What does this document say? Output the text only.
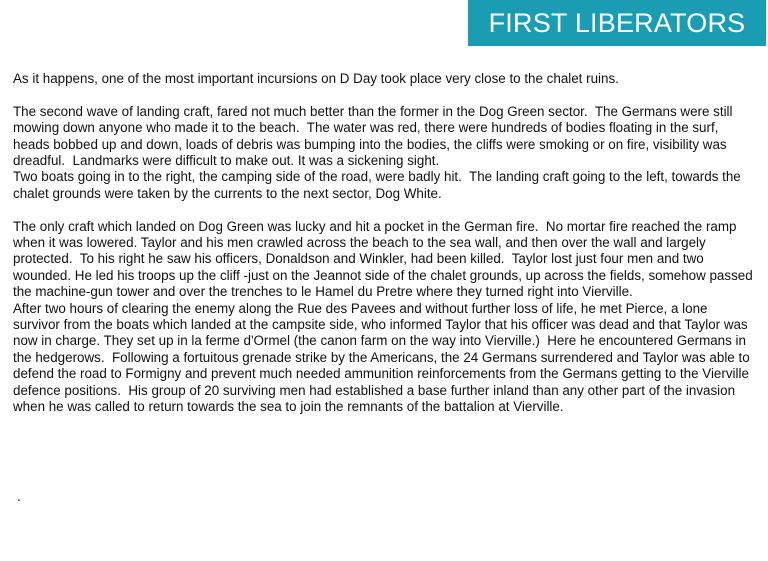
FIRST LIBERATORS

As it happens, one of the most important incursions on D Day took place very close to the chalet ruins.

The second wave of landing craft, fared not much better than the former in the Dog Green sector.  The Germans were still mowing down anyone who made it to the beach.  The water was red, there were hundreds of bodies floating in the surf, heads bobbed up and down, loads of debris was bumping into the bodies, the cliffs were smoking or on fire, visibility was dreadful.  Landmarks were difficult to make out. It was a sickening sight.

Two boats going in to the right, the camping side of the road, were badly hit.  The landing craft going to the left, towards the chalet grounds were taken by the currents to the next sector, Dog White.

The only craft which landed on Dog Green was lucky and hit a pocket in the German fire.  No mortar fire reached the ramp when it was lowered. Taylor and his men crawled across the beach to the sea wall, and then over the wall and largely protected.  To his right he saw his officers, Donaldson and Winkler, had been killed.  Taylor lost just four men and two wounded. He led his troops up the cliff -just on the Jeannot side of the chalet grounds, up across the fields, somehow passed the machine-gun tower and over the trenches to le Hamel du Pretre where they turned right into Vierville.

After two hours of clearing the enemy along the Rue des Pavees and without further loss of life, he met Pierce, a lone survivor from the boats which landed at the campsite side, who informed Taylor that his officer was dead and that Taylor was now in charge. They set up in la ferme d'Ormel (the canon farm on the way into Vierville.)  Here he encountered Germans in the hedgerows.  Following a fortuitous grenade strike by the Americans, the 24 Germans surrendered and Taylor was able to defend the road to Formigny and prevent much needed ammunition reinforcements from the Germans getting to the Vierville defence positions.  His group of 20 surviving men had established a base further inland than any other part of the invasion when he was called to return towards the sea to join the remnants of the battalion at Vierville.

.
